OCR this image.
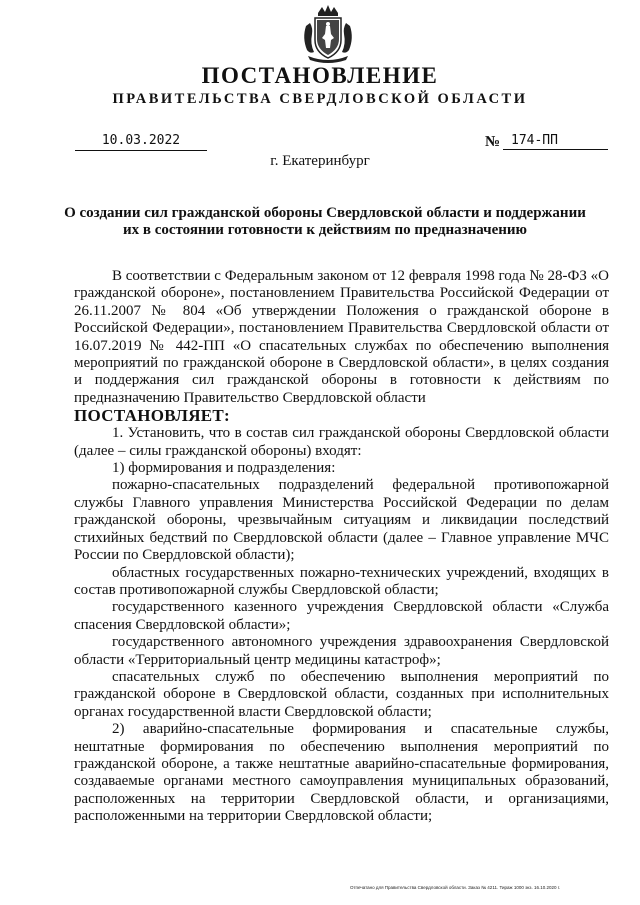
ПОСТАНОВЛЕНИЕ
ПРАВИТЕЛЬСТВА СВЕРДЛОВСКОЙ ОБЛАСТИ
10.03.2022	№ 174-ПП
г. Екатеринбург
О создании сил гражданской обороны Свердловской области и поддержании их в состоянии готовности к действиям по предназначению

В соответствии с Федеральным законом от 12 февраля 1998 года № 28-ФЗ «О гражданской обороне», постановлением Правительства Российской Федерации от 26.11.2007 № 804 «Об утверждении Положения о гражданской обороне в Российской Федерации», постановлением Правительства Свердловской области от 16.07.2019 № 442-ПП «О спасательных службах по обеспечению выполнения мероприятий по гражданской обороне в Свердловской области», в целях создания и поддержания сил гражданской обороны в готовности к действиям по предназначению Правительство Свердловской области

ПОСТАНОВЛЯЕТ:

1. Установить, что в состав сил гражданской обороны Свердловской области (далее – силы гражданской обороны) входят:

1) формирования и подразделения:

пожарно-спасательных подразделений федеральной противопожарной службы Главного управления Министерства Российской Федерации по делам гражданской обороны, чрезвычайным ситуациям и ликвидации последствий стихийных бедствий по Свердловской области (далее – Главное управление МЧС России по Свердловской области);

областных государственных пожарно-технических учреждений, входящих в состав противопожарной службы Свердловской области;

государственного казенного учреждения Свердловской области «Служба спасения Свердловской области»;

государственного автономного учреждения здравоохранения Свердловской области «Территориальный центр медицины катастроф»;

спасательных служб по обеспечению выполнения мероприятий по гражданской обороне в Свердловской области, созданных при исполнительных органах государственной власти Свердловской области;

2) аварийно-спасательные формирования и спасательные службы, нештатные формирования по обеспечению выполнения мероприятий по гражданской обороне, а также нештатные аварийно-спасательные формирования, создаваемые органами местного самоуправления муниципальных образований, расположенных на территории Свердловской области, и организациями, расположенными на территории Свердловской области;

Отпечатано для Правительства Свердловской области. Заказ № 4211. Тираж 1000 экз. 16.10.2020 г.
